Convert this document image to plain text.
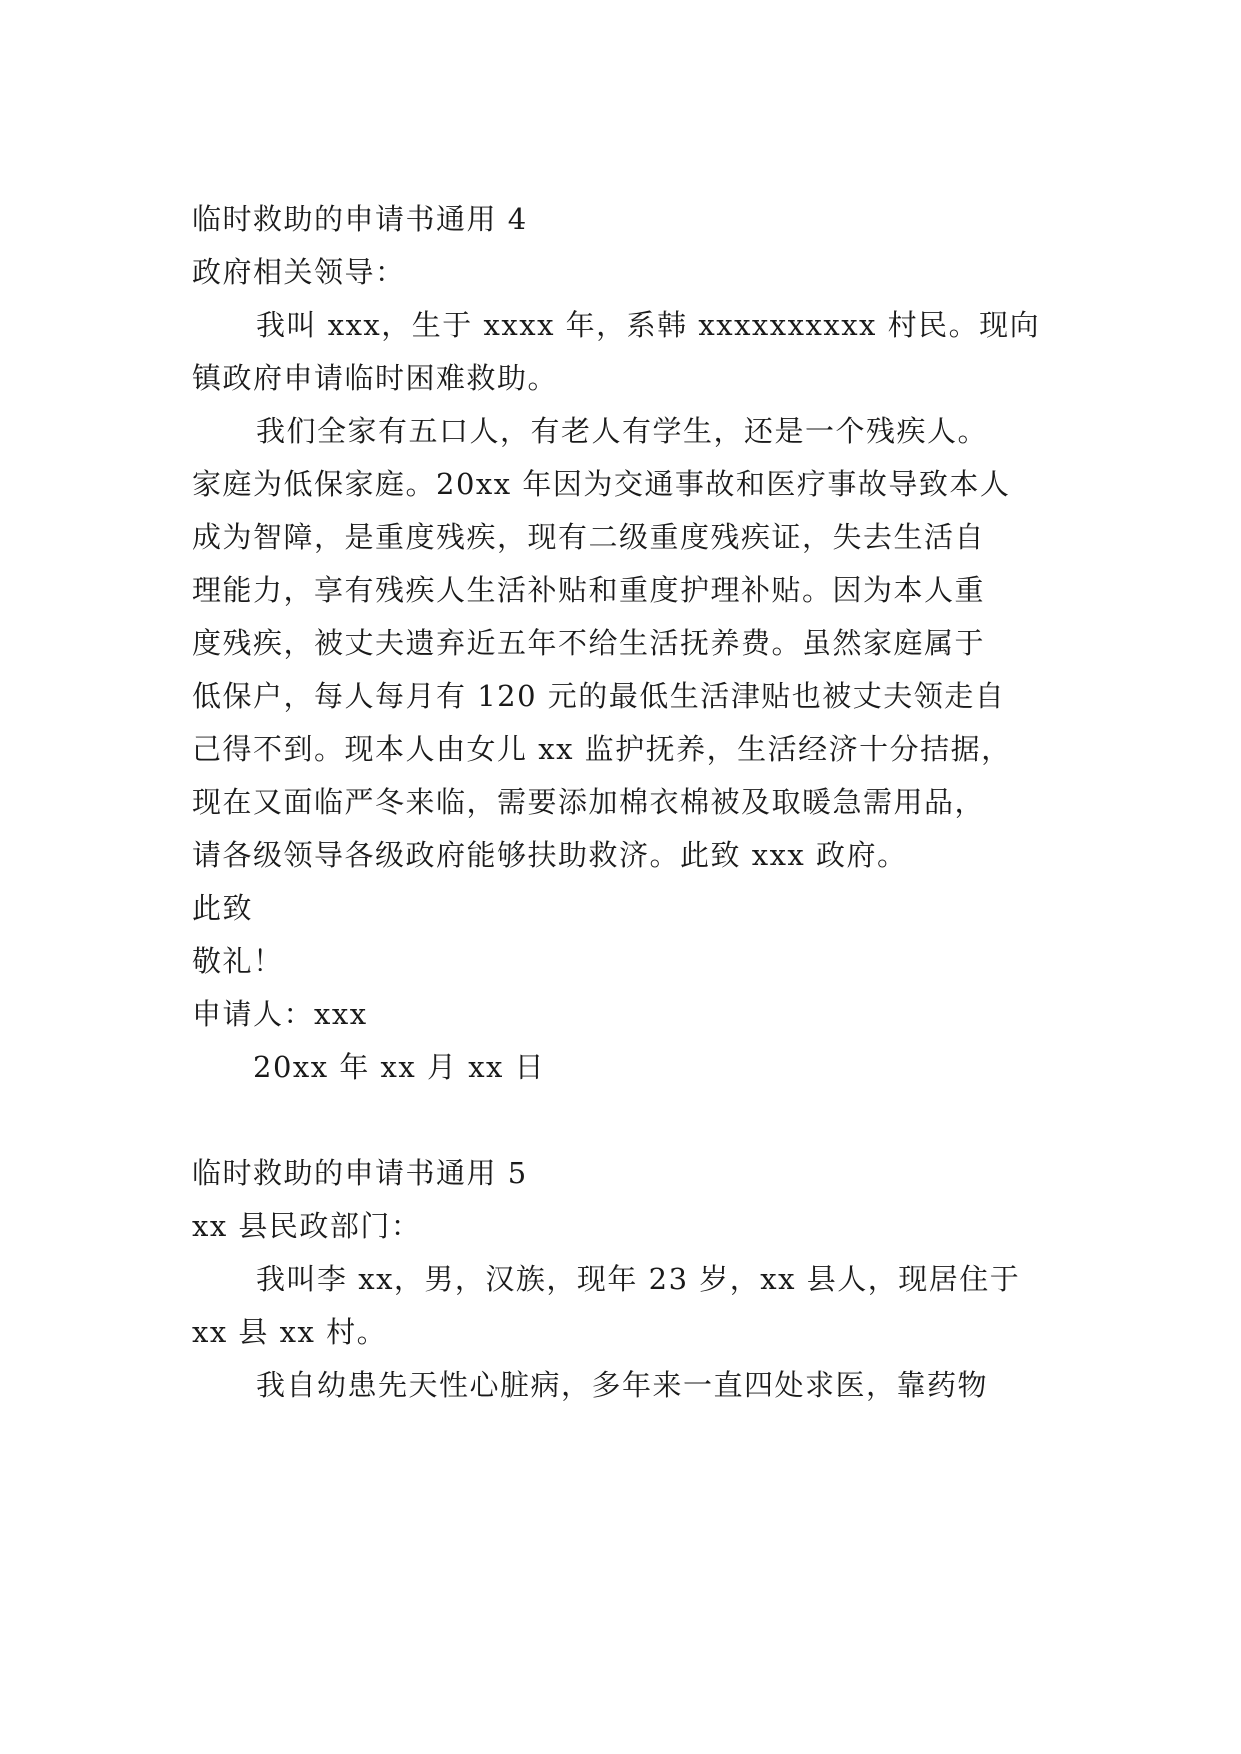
临时救助的申请书通用 4
政府相关领导：
我叫 xxx，生于 xxxx 年，系韩 xxxxxxxxxx 村民。现向
镇政府申请临时困难救助。
我们全家有五口人，有老人有学生，还是一个残疾人。
家庭为低保家庭。20xx 年因为交通事故和医疗事故导致本人
成为智障，是重度残疾，现有二级重度残疾证，失去生活自
理能力，享有残疾人生活补贴和重度护理补贴。因为本人重
度残疾，被丈夫遗弃近五年不给生活抚养费。虽然家庭属于
低保户，每人每月有 120 元的最低生活津贴也被丈夫领走自
己得不到。现本人由女儿 xx 监护抚养，生活经济十分拮据，
现在又面临严冬来临，需要添加棉衣棉被及取暖急需用品，
请各级领导各级政府能够扶助救济。此致 xxx 政府。
此致
敬礼！
申请人：xxx
20xx 年 xx 月 xx 日
临时救助的申请书通用 5
xx 县民政部门：
我叫李 xx，男，汉族，现年 23 岁，xx 县人，现居住于
xx 县 xx 村。
我自幼患先天性心脏病，多年来一直四处求医，靠药物
